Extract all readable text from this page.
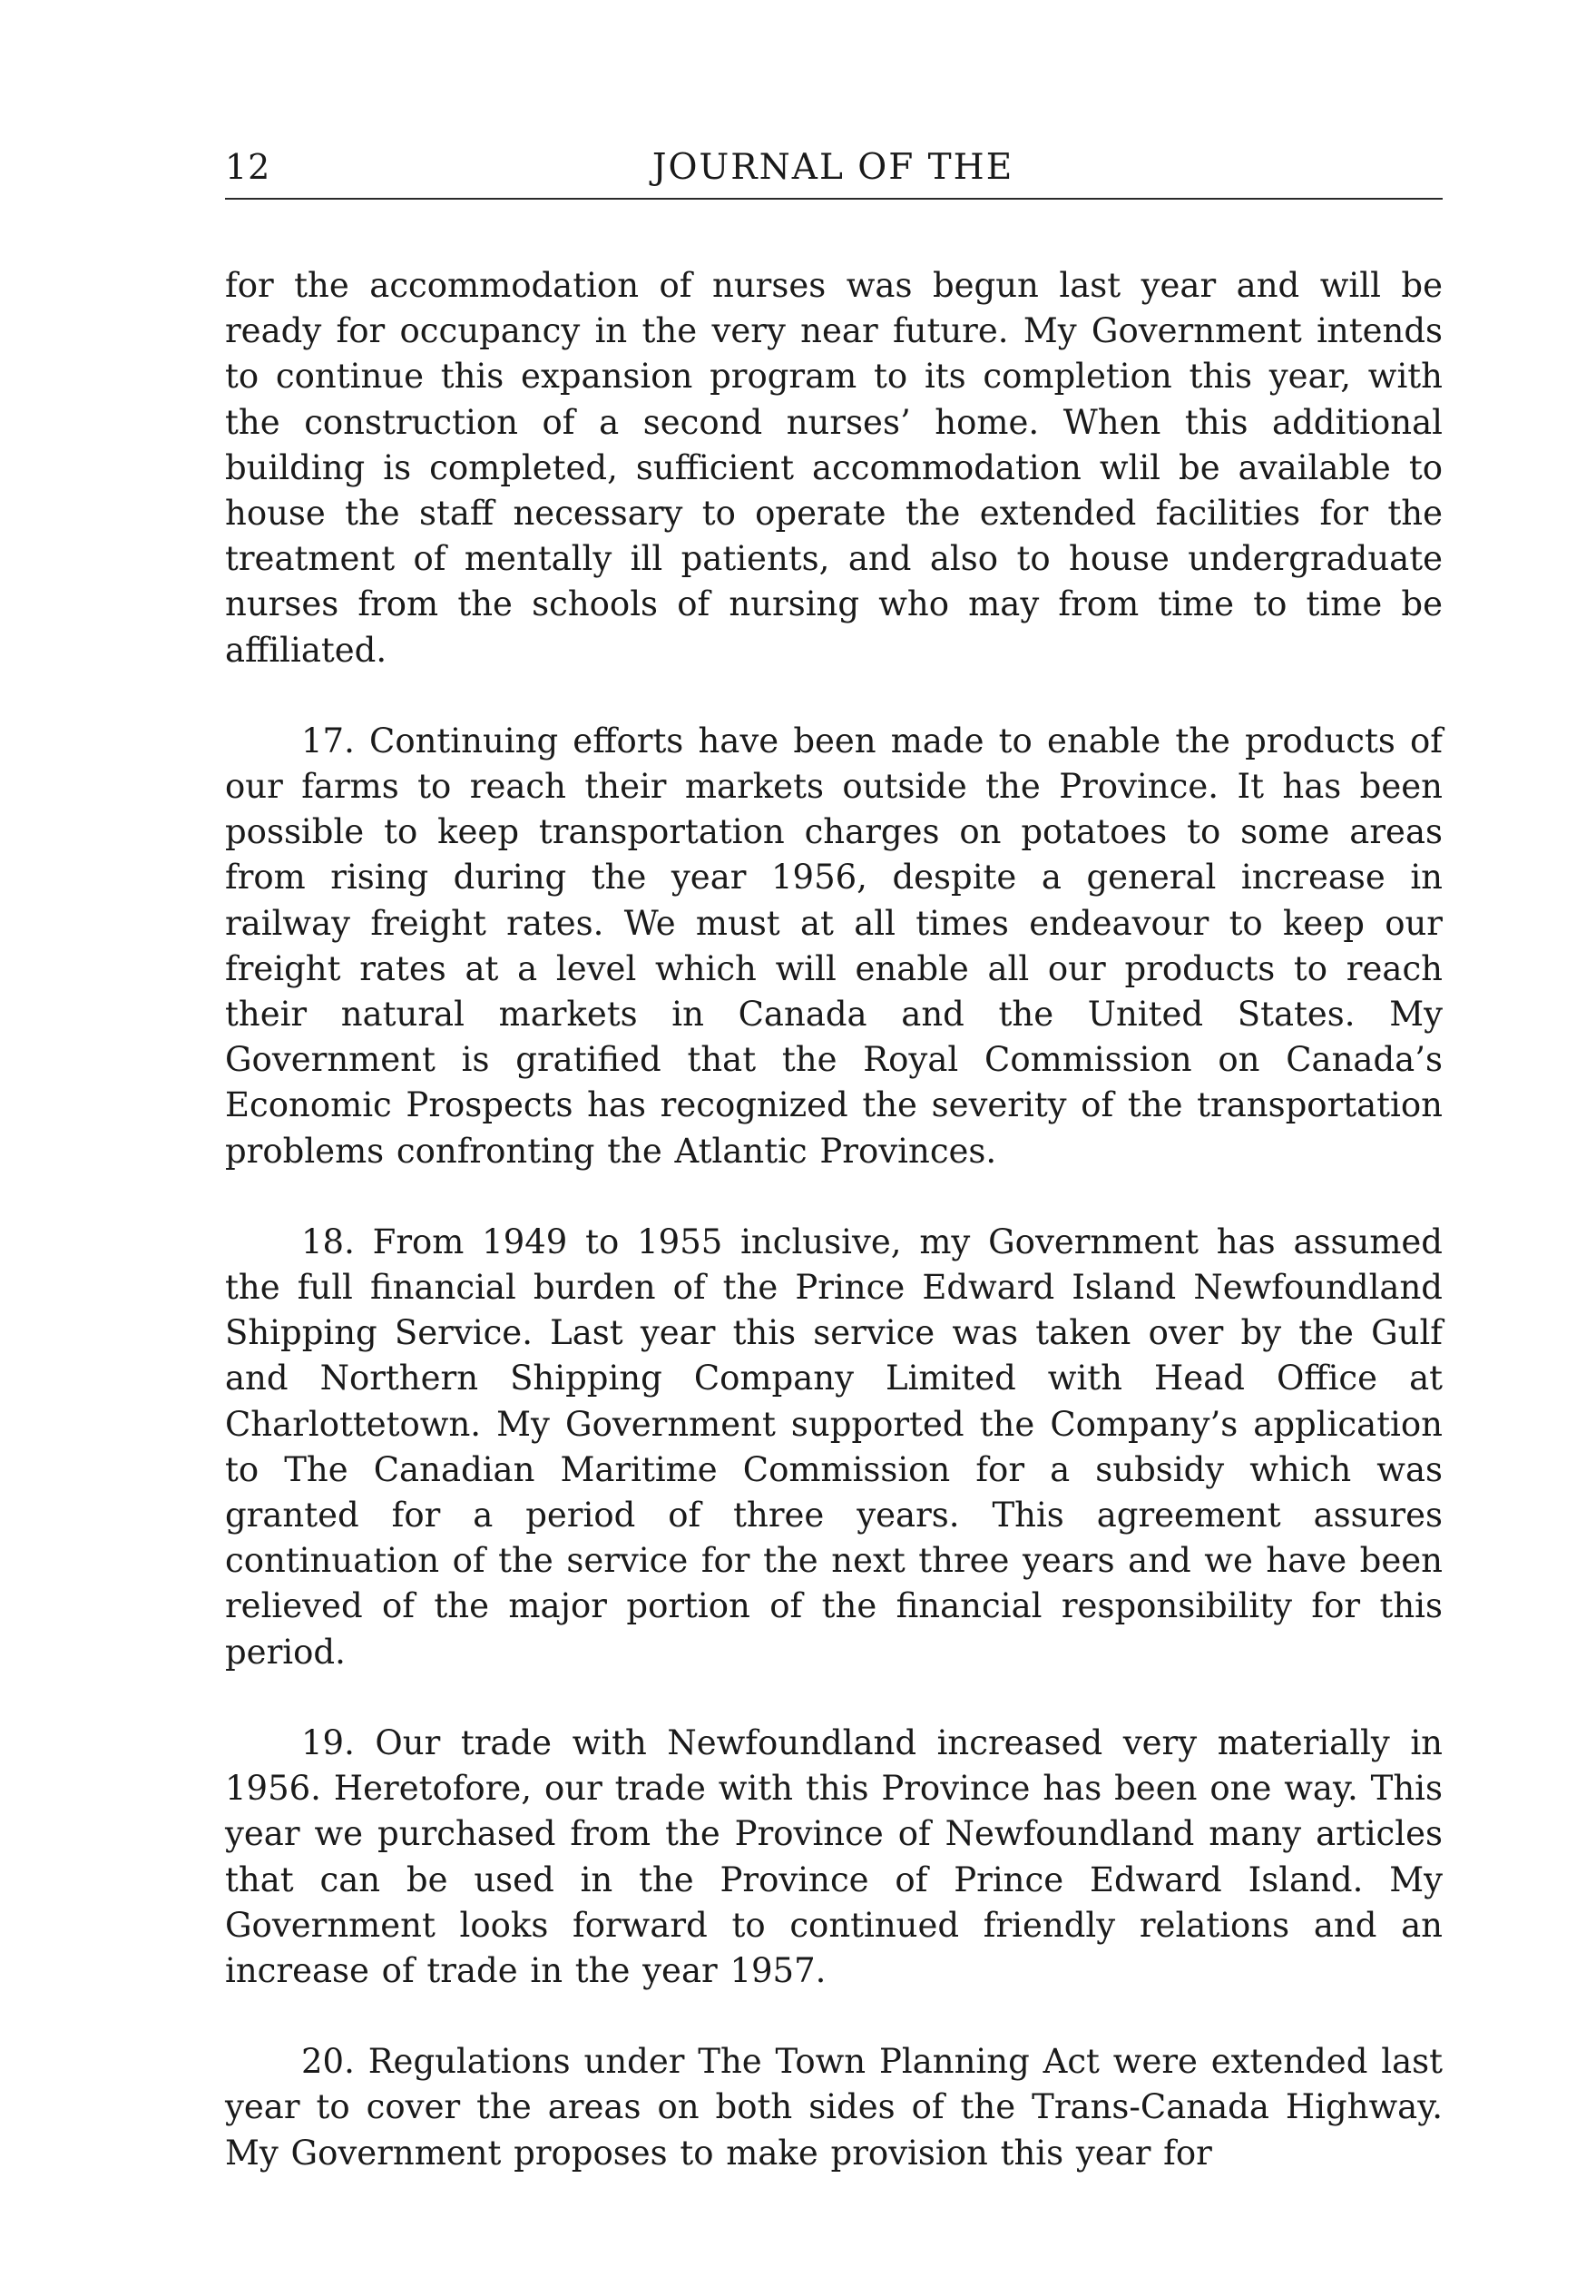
12	JOURNAL OF THE

for the accommodation of nurses was begun last year and will be ready for occupancy in the very near future. My Government intends to continue this expansion program to its completion this year, with the construction of a second nurses’ home. When this additional building is completed, sufficient accommodation wlil be available to house the staff necessary to operate the extended facilities for the treatment of mentally ill patients, and also to house undergraduate nurses from the schools of nursing who may from time to time be affiliated.

17. Continuing efforts have been made to enable the products of our farms to reach their markets outside the Province. It has been possible to keep transportation charges on potatoes to some areas from rising during the year 1956, despite a general increase in railway freight rates. We must at all times endeavour to keep our freight rates at a level which will enable all our products to reach their natural markets in Canada and the United States. My Government is gratified that the Royal Commission on Canada’s Economic Prospects has recognized the severity of the transportation problems confronting the Atlantic Provinces.

18. From 1949 to 1955 inclusive, my Government has assumed the full financial burden of the Prince Edward Island Newfoundland Shipping Service. Last year this service was taken over by the Gulf and Northern Shipping Company Limited with Head Office at Charlottetown. My Government supported the Company’s application to The Canadian Maritime Commission for a subsidy which was granted for a period of three years. This agreement assures continuation of the service for the next three years and we have been relieved of the major portion of the financial responsibility for this period.

19. Our trade with Newfoundland increased very materially in 1956. Heretofore, our trade with this Province has been one way. This year we purchased from the Province of Newfoundland many articles that can be used in the Province of Prince Edward Island. My Government looks forward to continued friendly relations and an increase of trade in the year 1957.

20. Regulations under The Town Planning Act were extended last year to cover the areas on both sides of the Trans-Canada Highway. My Government proposes to make provision this year for
